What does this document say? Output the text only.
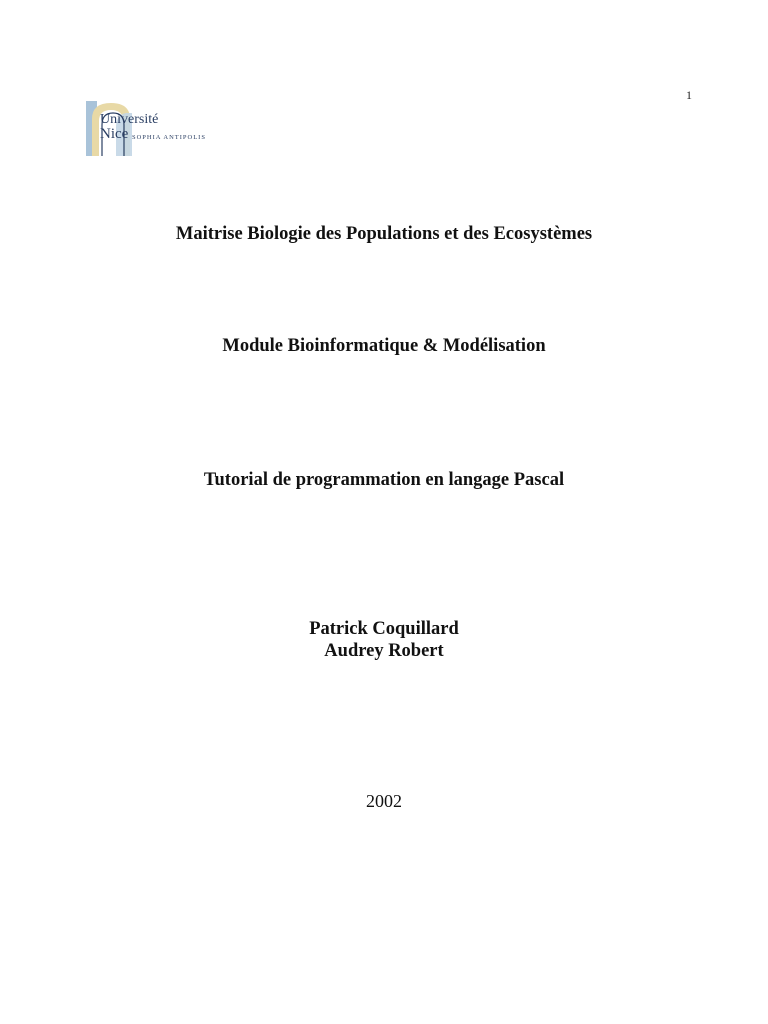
1
Université
Nice SOPHIA ANTIPOLIS
Maitrise Biologie des Populations et des Ecosystèmes
Module Bioinformatique & Modélisation
Tutorial de programmation en langage Pascal
Patrick Coquillard
Audrey Robert
2002
